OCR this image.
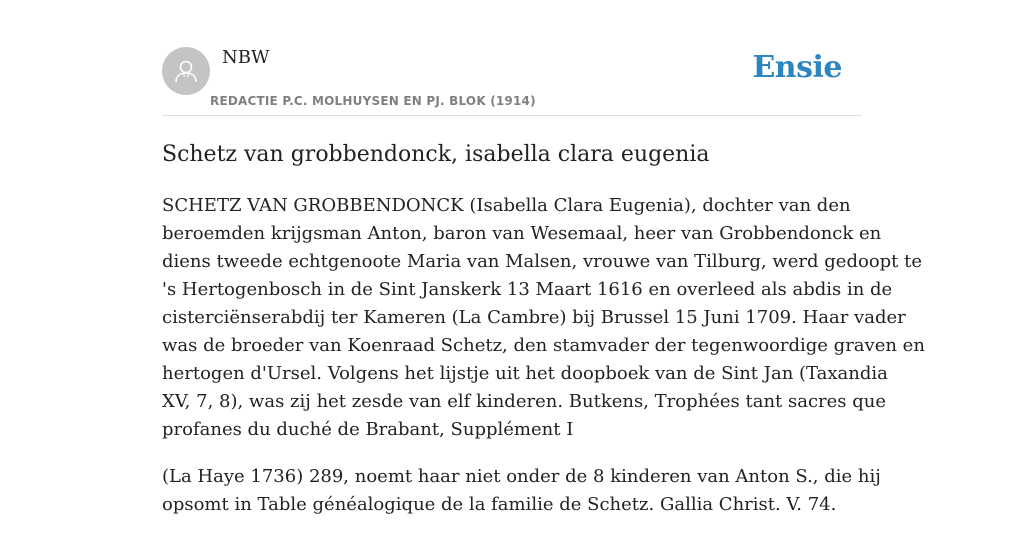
NBW
REDACTIE P.C. MOLHUYSEN EN PJ. BLOK (1914)
Ensie
Schetz van grobbendonck, isabella clara eugenia

SCHETZ VAN GROBBENDONCK (Isabella Clara Eugenia), dochter van den
beroemden krijgsman Anton, baron van Wesemaal, heer van Grobbendonck en
diens tweede echtgenoote Maria van Malsen, vrouwe van Tilburg, werd gedoopt te
's Hertogenbosch in de Sint Janskerk 13 Maart 1616 en overleed als abdis in de
cisterciënserabdij ter Kameren (La Cambre) bij Brussel 15 Juni 1709. Haar vader
was de broeder van Koenraad Schetz, den stamvader der tegenwoordige graven en
hertogen d'Ursel. Volgens het lijstje uit het doopboek van de Sint Jan (Taxandia
XV, 7, 8), was zij het zesde van elf kinderen. Butkens, Trophées tant sacres que
profanes du duché de Brabant, Supplément I

(La Haye 1736) 289, noemt haar niet onder de 8 kinderen van Anton S., die hij
opsomt in Table généalogique de la familie de Schetz. Gallia Christ. V. 74.
